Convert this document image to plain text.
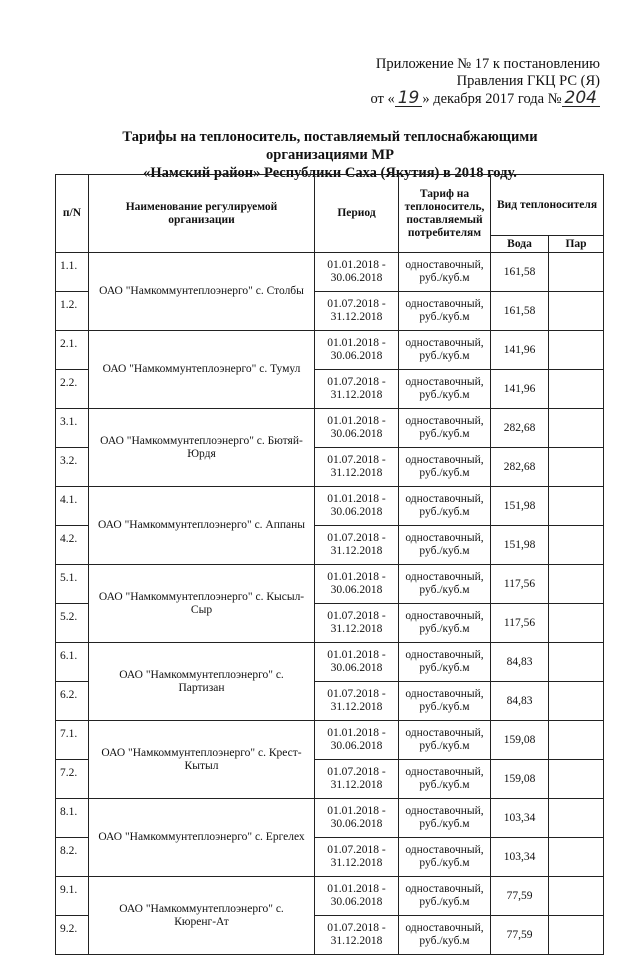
Приложение № 17 к постановлению
Правления ГКЦ РС (Я)
от « 19 » декабря 2017 года № 204
Тарифы на теплоноситель, поставляемый теплоснабжающими организациями МР
«Намский район» Республики Саха (Якутия) в 2018 году.
п/N	Наименование регулируемой организации	Период	Тариф на теплоноситель, поставляемый потребителям	Вид теплоносителя	
				Вода	Пар
1.1.	ОАО "Намкоммунтеплоэнерго" с. Столбы	01.01.2018 - 30.06.2018	одноставочный, руб./куб.м	161,58	
1.2.		01.07.2018 - 31.12.2018	одноставочный, руб./куб.м	161,58	
2.1.	ОАО "Намкоммунтеплоэнерго" с. Тумул	01.01.2018 - 30.06.2018	одноставочный, руб./куб.м	141,96	
2.2.		01.07.2018 - 31.12.2018	одноставочный, руб./куб.м	141,96	
3.1.	ОАО "Намкоммунтеплоэнерго" с. Бютяй-Юрдя	01.01.2018 - 30.06.2018	одноставочный, руб./куб.м	282,68	
3.2.		01.07.2018 - 31.12.2018	одноставочный, руб./куб.м	282,68	
4.1.	ОАО "Намкоммунтеплоэнерго" с. Аппаны	01.01.2018 - 30.06.2018	одноставочный, руб./куб.м	151,98	
4.2.		01.07.2018 - 31.12.2018	одноставочный, руб./куб.м	151,98	
5.1.	ОАО "Намкоммунтеплоэнерго" с. Кысыл-Сыр	01.01.2018 - 30.06.2018	одноставочный, руб./куб.м	117,56	
5.2.		01.07.2018 - 31.12.2018	одноставочный, руб./куб.м	117,56	
6.1.	ОАО "Намкоммунтеплоэнерго" с. Партизан	01.01.2018 - 30.06.2018	одноставочный, руб./куб.м	84,83	
6.2.		01.07.2018 - 31.12.2018	одноставочный, руб./куб.м	84,83	
7.1.	ОАО "Намкоммунтеплоэнерго" с. Крест-Кытыл	01.01.2018 - 30.06.2018	одноставочный, руб./куб.м	159,08	
7.2.		01.07.2018 - 31.12.2018	одноставочный, руб./куб.м	159,08	
8.1.	ОАО "Намкоммунтеплоэнерго" с. Ергелех	01.01.2018 - 30.06.2018	одноставочный, руб./куб.м	103,34	
8.2.		01.07.2018 - 31.12.2018	одноставочный, руб./куб.м	103,34	
9.1.	ОАО "Намкоммунтеплоэнерго" с. Кюренг-Ат	01.01.2018 - 30.06.2018	одноставочный, руб./куб.м	77,59	
9.2.		01.07.2018 - 31.12.2018	одноставочный, руб./куб.м	77,59	
